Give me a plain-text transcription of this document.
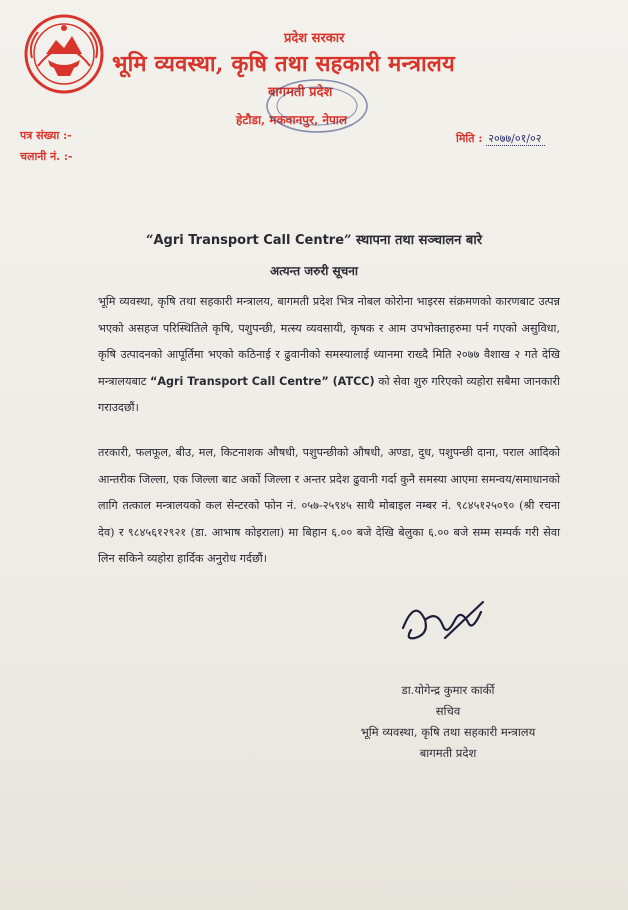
प्रदेश सरकार
भूमि व्यवस्था, कृषि तथा सहकारी मन्त्रालय
बागमती प्रदेश
हेटौडा, मकवानपुर, नेपाल
पत्र संख्या :-
चलानी नं. :-
मिति : २०७७/०१/०२
“Agri Transport Call Centre” स्थापना तथा सञ्चालन बारे
अत्यन्त जरुरी सूचना
भूमि व्यवस्था, कृषि तथा सहकारी मन्त्रालय, बागमती प्रदेश भित्र नोबल कोरोना भाइरस संक्रमणको कारणबाट उत्पन्न भएको असहज परिस्थितिले कृषि, पशुपन्छी, मत्स्य व्यवसायी, कृषक र आम उपभोक्ताहरुमा पर्न गएको असुविधा, कृषि उत्पादनको आपूर्तिमा भएको कठिनाई र ढुवानीको समस्यालाई ध्यानमा राख्दै मिति २०७७ वैशाख २ गते देखि मन्त्रालयबाट “Agri Transport Call Centre” (ATCC) को सेवा शुरु गरिएको व्यहोरा सबैमा जानकारी गराउदछौं।
तरकारी, फलफूल, बीउ, मल, किटनाशक औषधी, पशुपन्छीको औषधी, अण्डा, दुध, पशुपन्छी दाना, पराल आदिको आन्तरीक जिल्ला, एक जिल्ला बाट अर्को जिल्ला र अन्तर प्रदेश ढुवानी गर्दा कुनै समस्या आएमा समन्वय/समाधानको लागि तत्काल मन्त्रालयको कल सेन्टरको फोन नं. ०५७-२५९४५ साथै मोबाइल नम्बर नं. ९८४५१२५०९० (श्री रचना देव) र ९८४५६१२९२१ (डा. आभाष कोइराला) मा बिहान ६.०० बजे देखि बेलुका ६.०० बजे सम्म सम्पर्क गरी सेवा लिन सकिने व्यहोरा हार्दिक अनुरोध गर्दछौं।
डा.योगेन्द्र कुमार कार्की
सचिव
भूमि व्यवस्था, कृषि तथा सहकारी मन्त्रालय
बागमती प्रदेश
